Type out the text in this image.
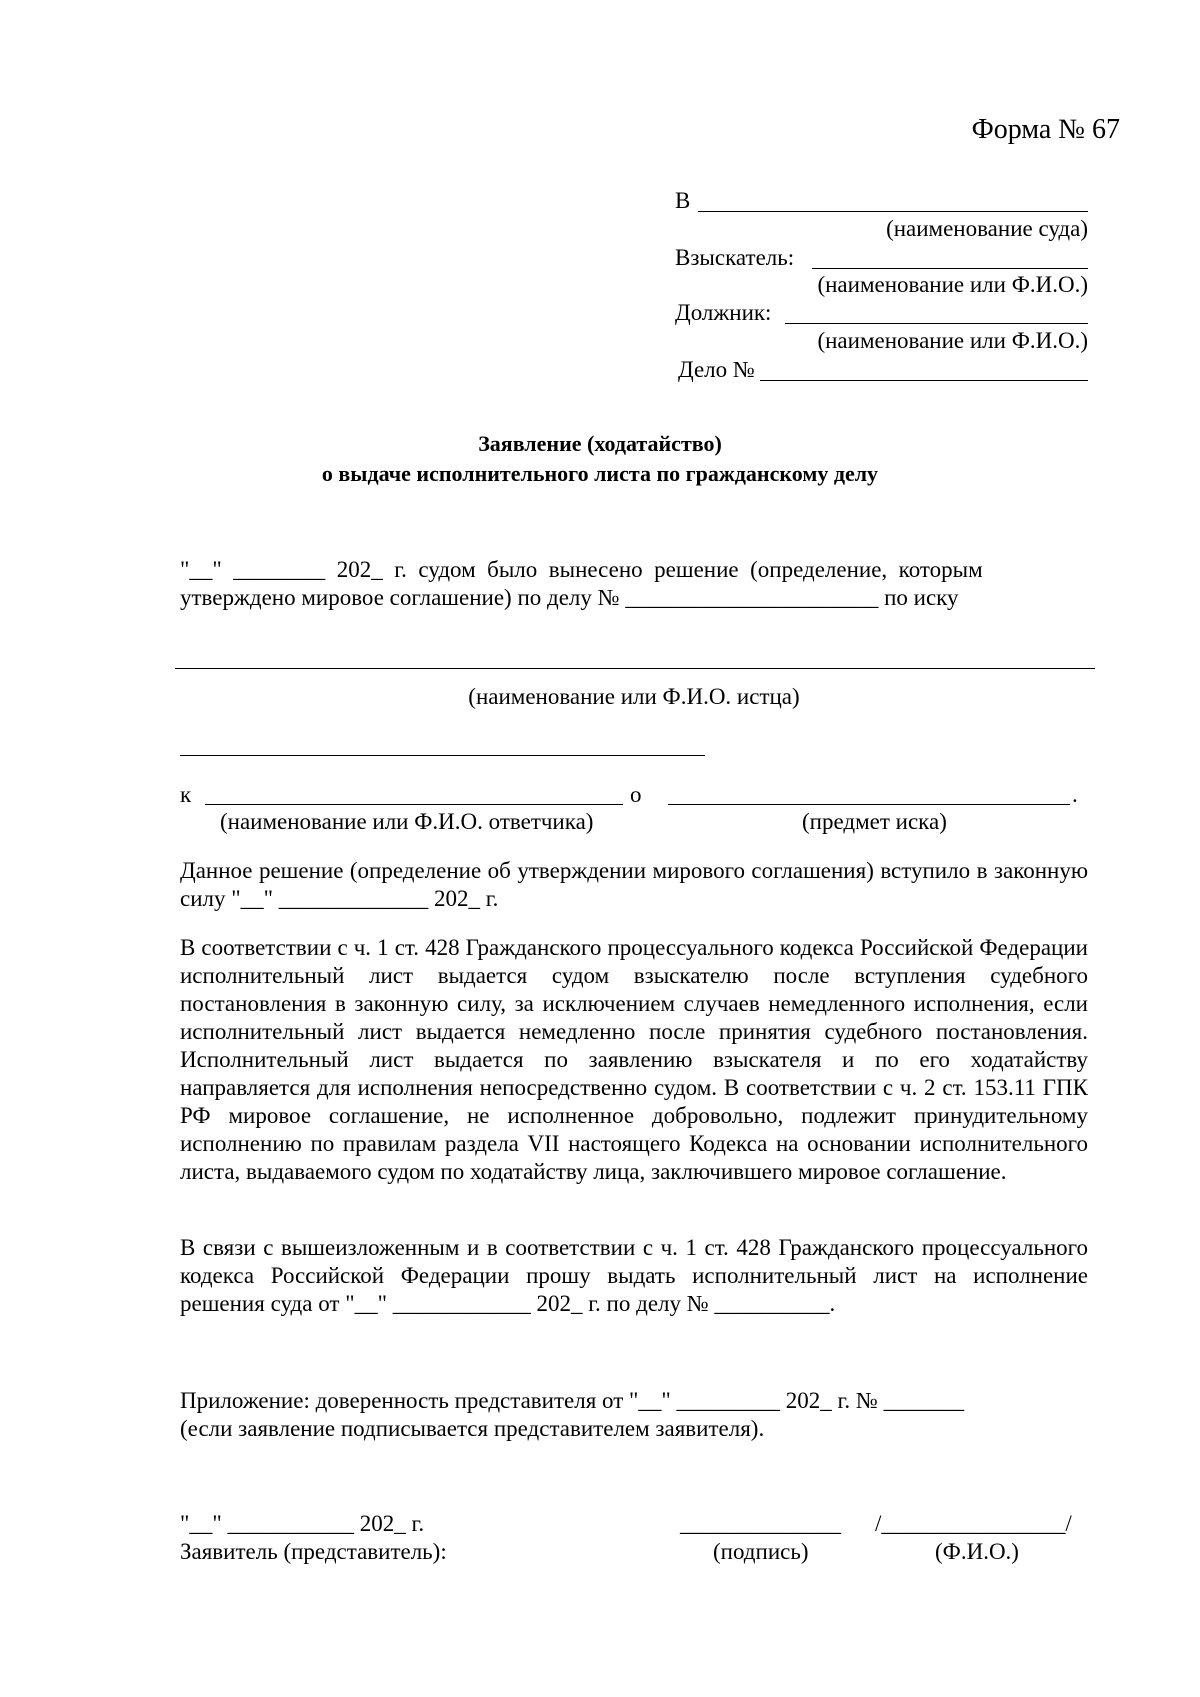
Форма № 67
В
(наименование суда)
Взыскатель:
(наименование или Ф.И.О.)
Должник:
(наименование или Ф.И.О.)
Дело №
Заявление (ходатайство)
о выдаче исполнительного листа по гражданскому делу
"__"  ________  202_  г.  судом  было  вынесено  решение  (определение,  которым
утверждено мировое соглашение) по делу № ______________________ по иску
(наименование или Ф.И.О. истца)
к	о	.
(наименование или Ф.И.О. ответчика)	(предмет иска)

Данное решение (определение об утверждении мирового соглашения) вступило в законную силу "__" _____________ 202_ г.

В соответствии с ч. 1 ст. 428 Гражданского процессуального кодекса Российской Федерации исполнительный лист выдается судом взыскателю после вступления судебного постановления в законную силу, за исключением случаев немедленного исполнения, если исполнительный лист выдается немедленно после принятия судебного постановления. Исполнительный лист выдается по заявлению взыскателя и по его ходатайству направляется для исполнения непосредственно судом. В соответствии с ч. 2 ст. 153.11 ГПК РФ мировое соглашение, не исполненное добровольно, подлежит принудительному исполнению по правилам раздела VII настоящего Кодекса на основании исполнительного листа, выдаваемого судом по ходатайству лица, заключившего мировое соглашение.

В связи с вышеизложенным и в соответствии с ч. 1 ст. 428 Гражданского процессуального кодекса Российской Федерации прошу выдать исполнительный лист на исполнение решения суда от "__" ____________ 202_ г. по делу № __________.

Приложение: доверенность представителя от "__" _________ 202_ г. № _______
(если заявление подписывается представителем заявителя).
"__" ___________ 202_ г.
Заявитель (представитель):
______________ /________________/
(подпись)	(Ф.И.О.)
